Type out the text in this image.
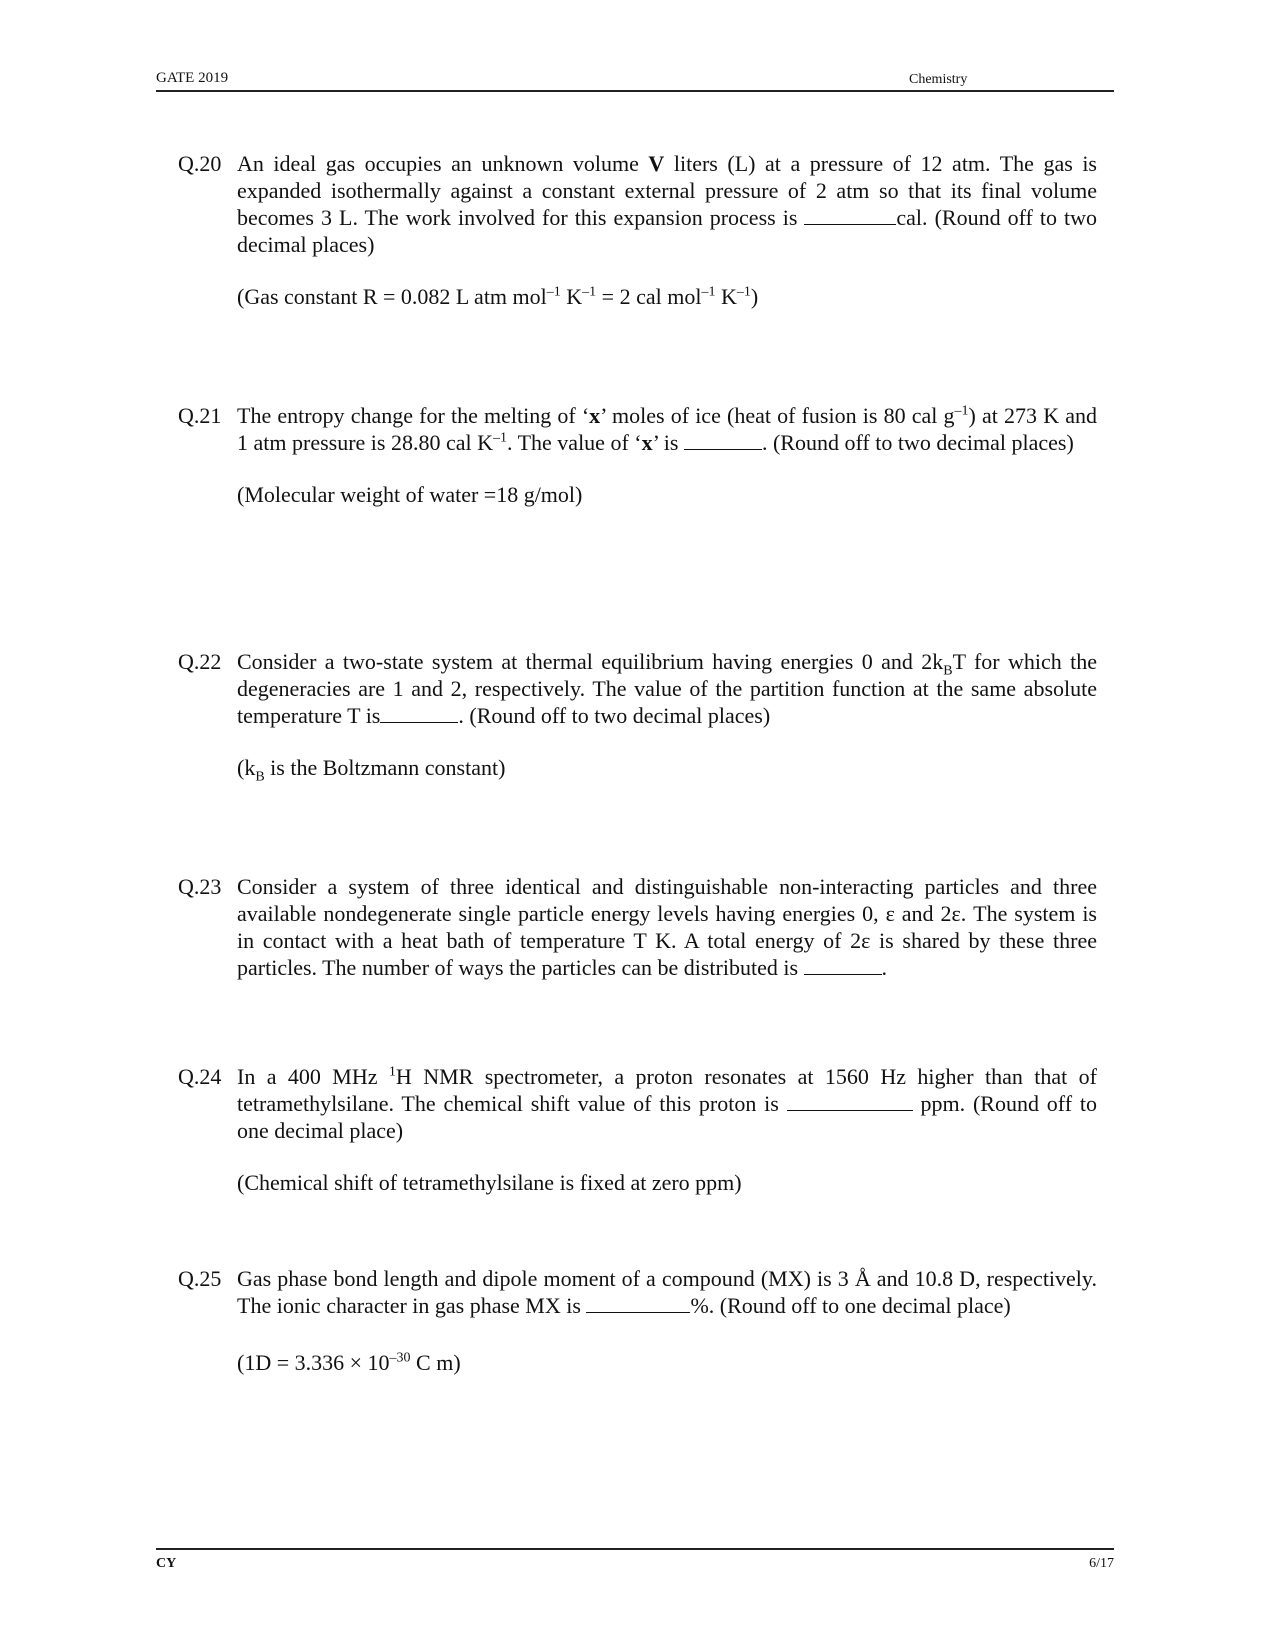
GATE 2019	Chemistry
Q.20 An ideal gas occupies an unknown volume V liters (L) at a pressure of 12 atm. The gas is expanded isothermally against a constant external pressure of 2 atm so that its final volume becomes 3 L. The work involved for this expansion process is	cal. (Round off to two decimal places)
(Gas constant R = 0.082 L atm mol$^{-1}$ $K^{-1} = 2$ cal mol$^{-1}$ $K^{-1}$)
Q.21 The entropy change for the melting of ‘x’ moles of ice (heat of fusion is 80 cal $g^{-1}$) at 273 K and 1 atm pressure is 28.80 cal $K^{-1}$. The value of ‘x’ is	. (Round off to two decimal places)
(Molecular weight of water =18 g/mol)
Q.22 Consider a two-state system at thermal equilibrium having energies 0 and $2k_BT$ for which the degeneracies are 1 and 2, respectively. The value of the partition function at the same absolute temperature T is	. (Round off to two decimal places)
($k_B$ is the Boltzmann constant)
Q.23 Consider a system of three identical and distinguishable non-interacting particles and three available nondegenerate single particle energy levels having energies 0, ε and 2ε. The system is in contact with a heat bath of temperature T K. A total energy of 2ε is shared by these three particles. The number of ways the particles can be distributed is	.
Q.24 In a 400 MHz $^1$H NMR spectrometer, a proton resonates at 1560 Hz higher than that of tetramethylsilane. The chemical shift value of this proton is	ppm. (Round off to one decimal place)
(Chemical shift of tetramethylsilane is fixed at zero ppm)
Q.25 Gas phase bond length and dipole moment of a compound (MX) is 3 Å and 10.8 D, respectively. The ionic character in gas phase MX is	%. (Round off to one decimal place)
($1D = 3.336 \times 10^{-30}$ C m)
CY	6/17
